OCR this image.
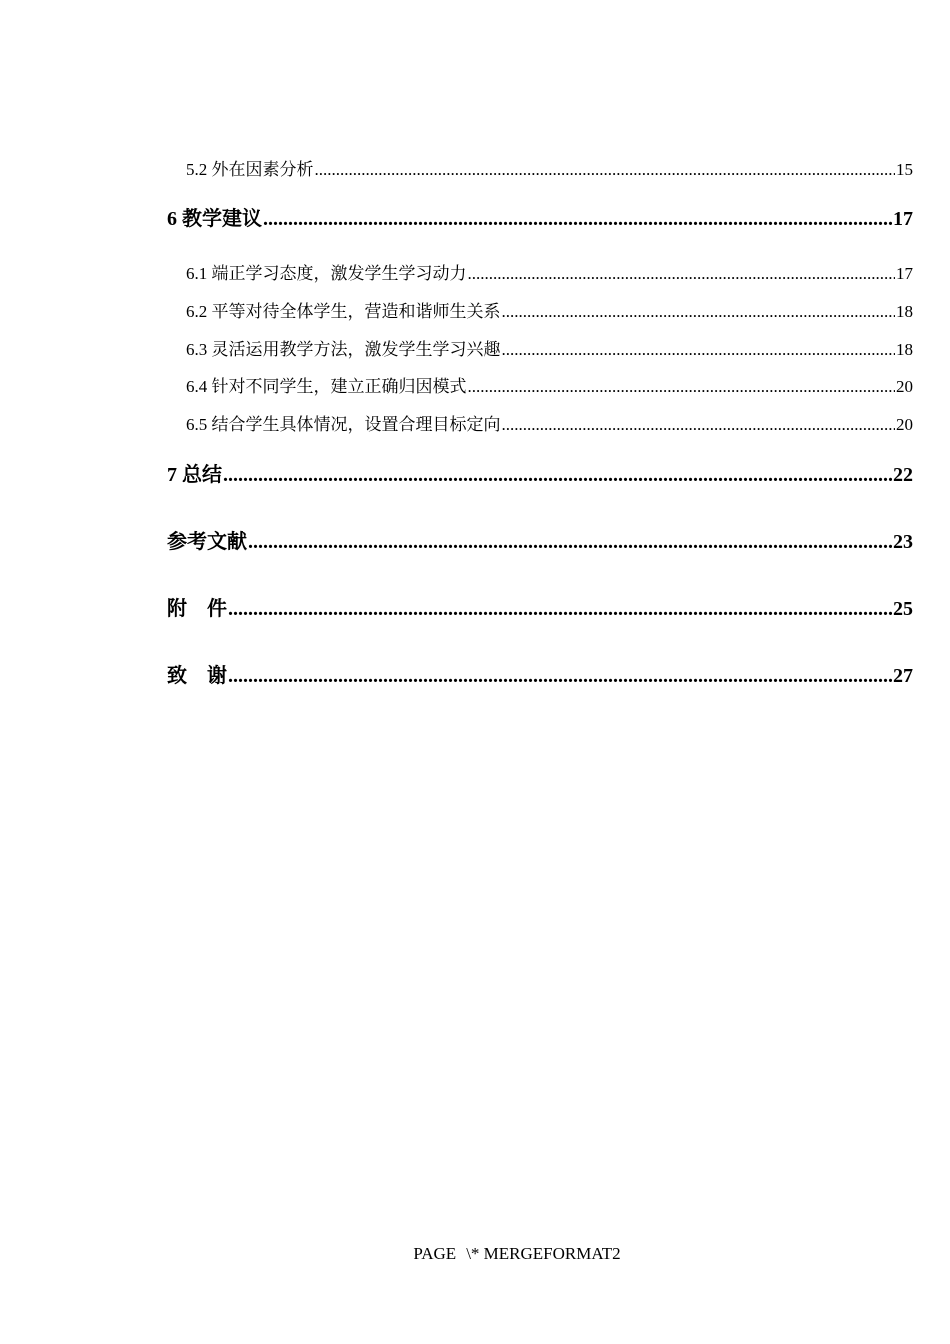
5.2 外在因素分析 .....	15
6 教学建议 .....	17
6.1 端正学习态度，激发学生学习动力 .....	17
6.2 平等对待全体学生，营造和谐师生关系 .....	18
6.3 灵活运用教学方法，激发学生学习兴趣 .....	18
6.4 针对不同学生，建立正确归因模式 .....	20
6.5 结合学生具体情况，设置合理目标定向 .....	20
7 总结 .....	22
参考文献 .....	23
附　件 .....	25
致　谢 .....	27
PAGE \* MERGEFORMAT2
